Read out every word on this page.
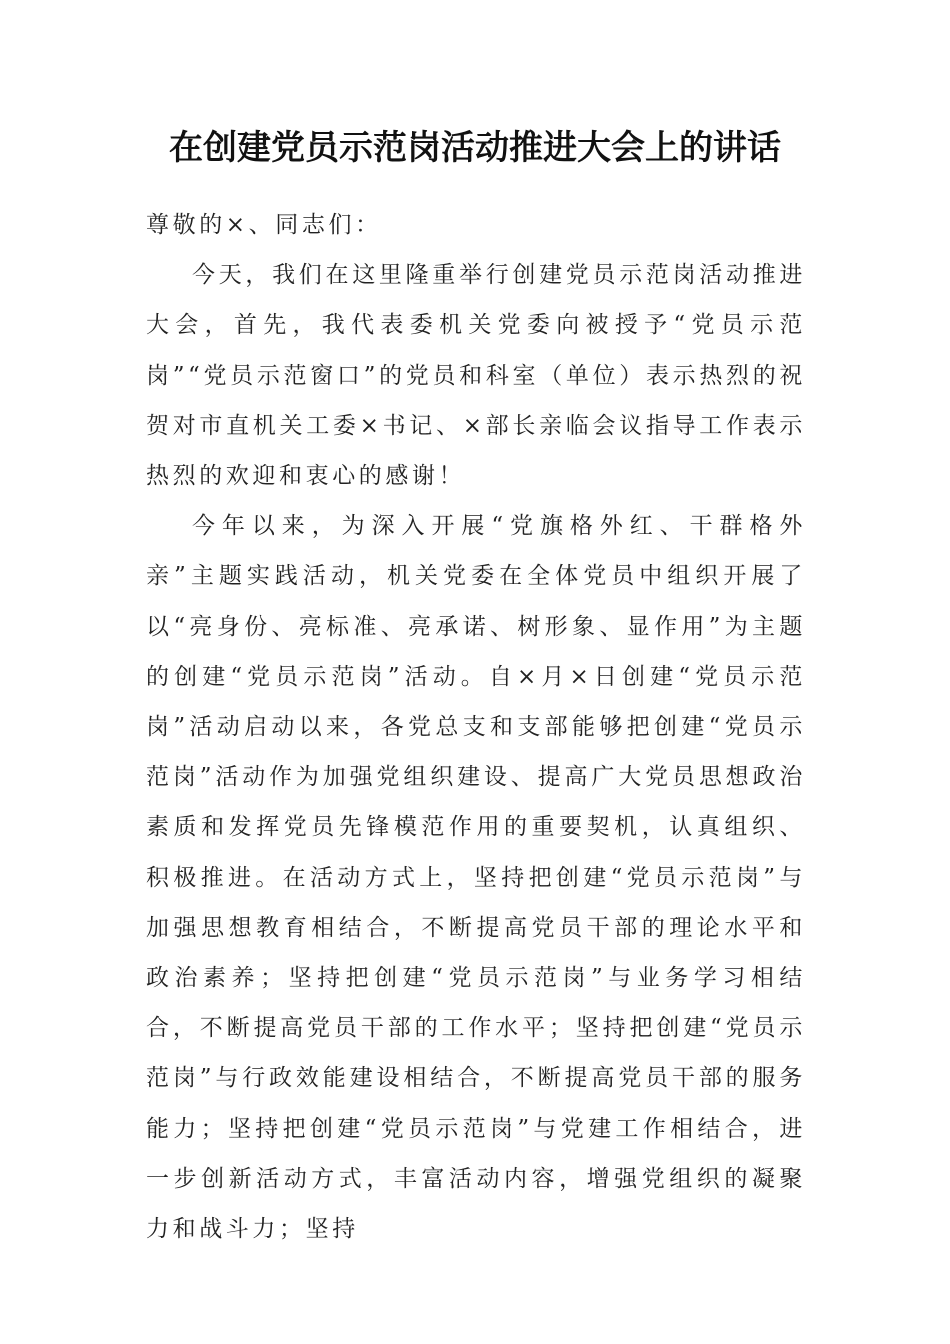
在创建党员示范岗活动推进大会上的讲话

尊敬的×、同志们：

今天，我们在这里隆重举行创建党员示范岗活动推进大会，首先，我代表委机关党委向被授予“党员示范岗”“党员示范窗口”的党员和科室（单位）表示热烈的祝贺对市直机关工委×书记、×部长亲临会议指导工作表示热烈的欢迎和衷心的感谢！

今年以来，为深入开展“党旗格外红、干群格外亲”主题实践活动，机关党委在全体党员中组织开展了以“亮身份、亮标准、亮承诺、树形象、显作用”为主题的创建“党员示范岗”活动。自×月×日创建“党员示范岗”活动启动以来，各党总支和支部能够把创建“党员示范岗”活动作为加强党组织建设、提高广大党员思想政治素质和发挥党员先锋模范作用的重要契机，认真组织、积极推进。在活动方式上，坚持把创建“党员示范岗”与加强思想教育相结合，不断提高党员干部的理论水平和政治素养；坚持把创建“党员示范岗”与业务学习相结合，不断提高党员干部的工作水平；坚持把创建“党员示范岗”与行政效能建设相结合，不断提高党员干部的服务能力；坚持把创建“党员示范岗”与党建工作相结合，进一步创新活动方式，丰富活动内容，增强党组织的凝聚力和战斗力；坚持
